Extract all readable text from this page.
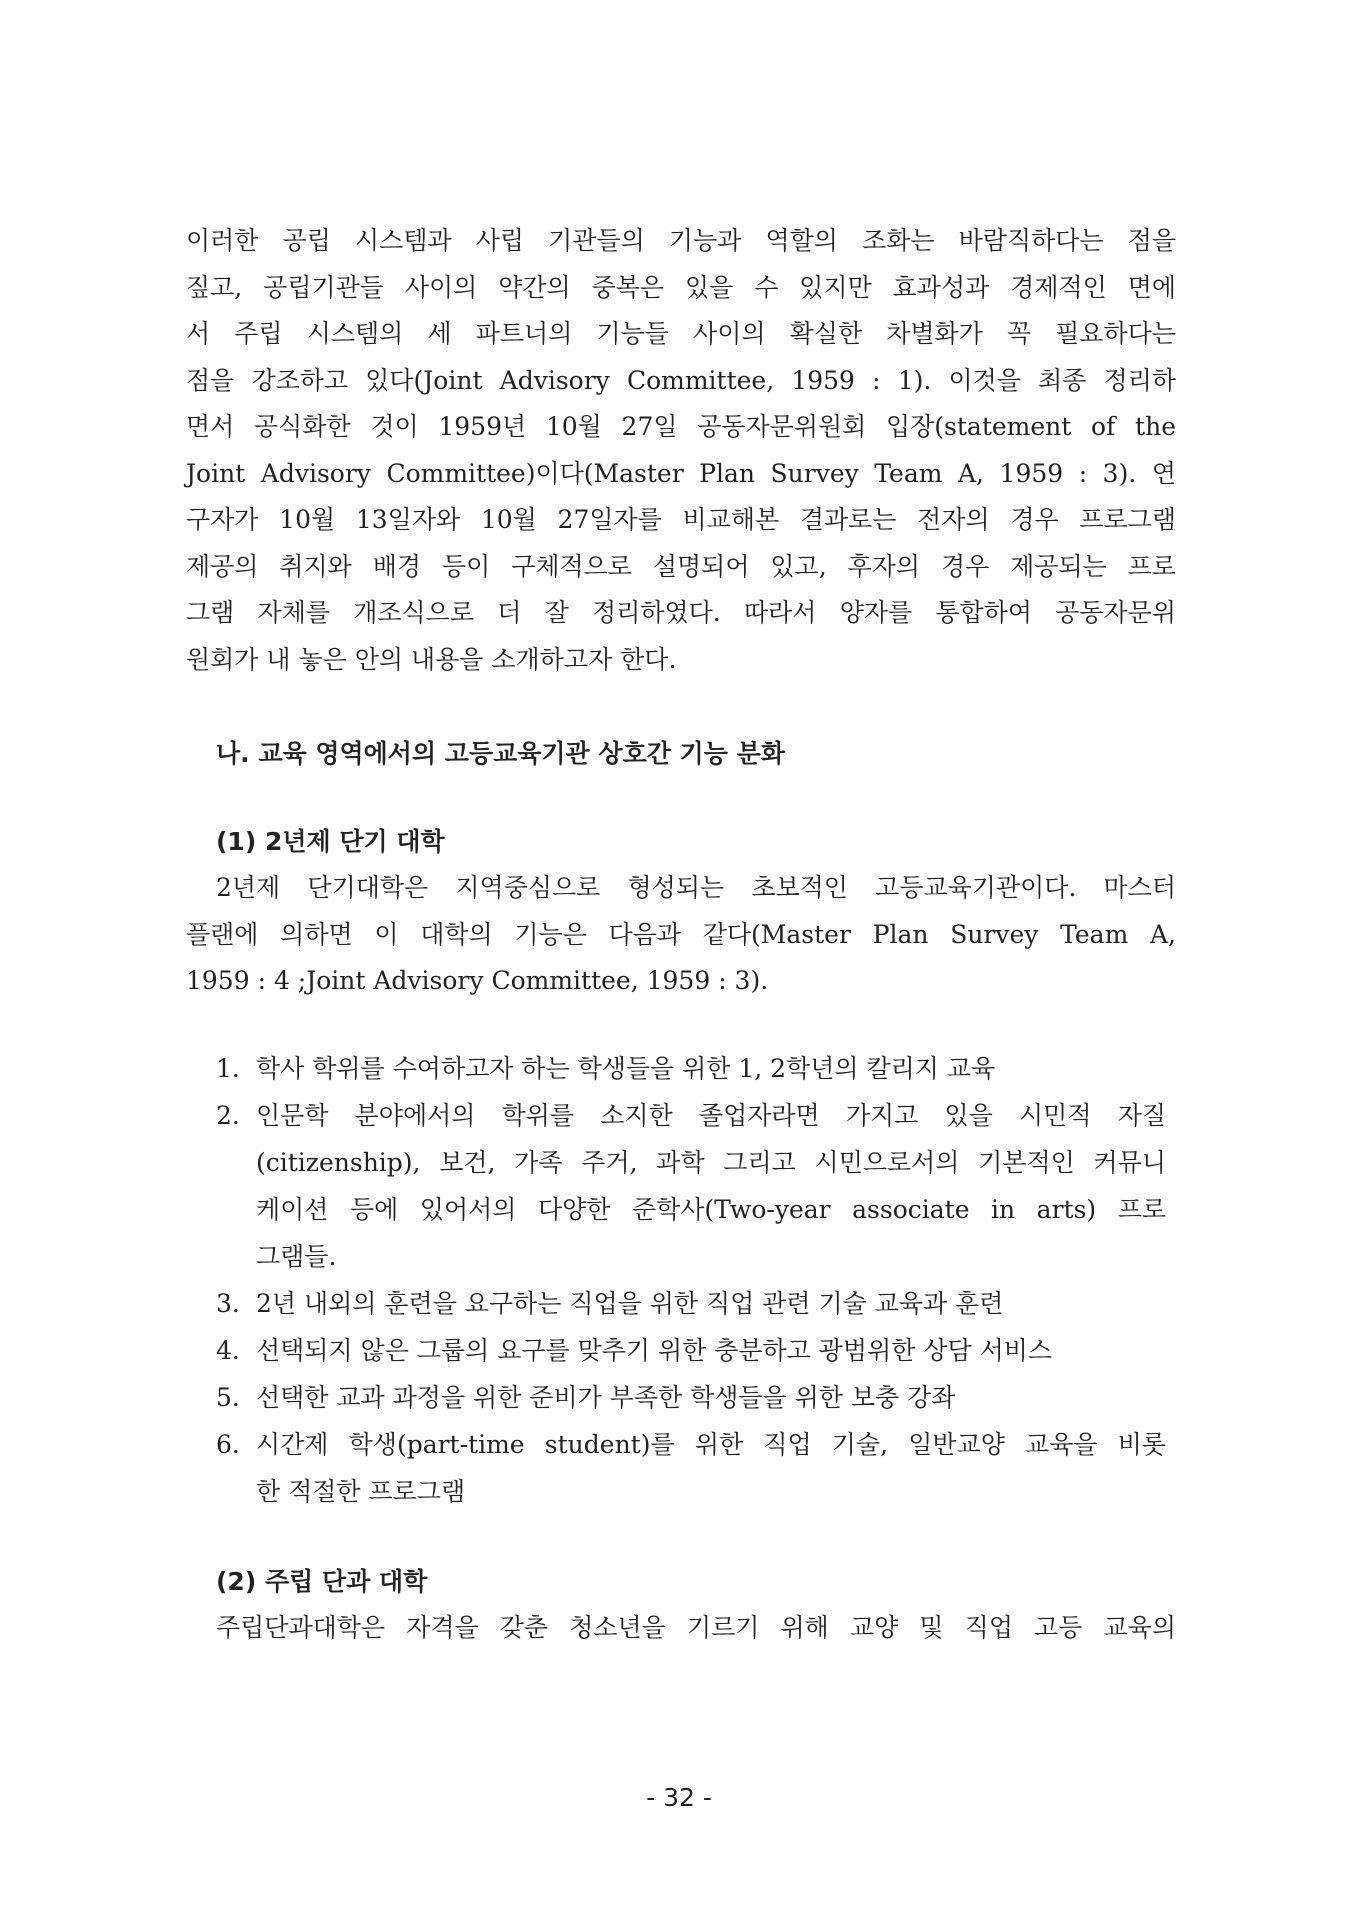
이러한 공립 시스템과 사립 기관들의 기능과 역할의 조화는 바람직하다는 점을
짚고, 공립기관들 사이의 약간의 중복은 있을 수 있지만 효과성과 경제적인 면에
서 주립 시스템의 세 파트너의 기능들 사이의 확실한 차별화가 꼭 필요하다는
점을 강조하고 있다(Joint Advisory Committee, 1959 : 1). 이것을 최종 정리하
면서 공식화한 것이 1959년 10월 27일 공동자문위원회 입장(statement of the
Joint Advisory Committee)이다(Master Plan Survey Team A, 1959 : 3). 연
구자가 10월 13일자와 10월 27일자를 비교해본 결과로는 전자의 경우 프로그램
제공의 취지와 배경 등이 구체적으로 설명되어 있고, 후자의 경우 제공되는 프로
그램 자체를 개조식으로 더 잘 정리하였다. 따라서 양자를 통합하여 공동자문위
원회가 내 놓은 안의 내용을 소개하고자 한다.
나. 교육 영역에서의 고등교육기관 상호간 기능 분화
(1) 2년제 단기 대학
2년제 단기대학은 지역중심으로 형성되는 초보적인 고등교육기관이다. 마스터
플랜에 의하면 이 대학의 기능은 다음과 같다(Master Plan Survey Team A,
1959 : 4 ;Joint Advisory Committee, 1959 : 3).
1. 학사 학위를 수여하고자 하는 학생들을 위한 1, 2학년의 칼리지 교육
2. 인문학 분야에서의 학위를 소지한 졸업자라면 가지고 있을 시민적 자질
(citizenship), 보건, 가족 주거, 과학 그리고 시민으로서의 기본적인 커뮤니
케이션 등에 있어서의 다양한 준학사(Two-year associate in arts) 프로
그램들.
3. 2년 내외의 훈련을 요구하는 직업을 위한 직업 관련 기술 교육과 훈련
4. 선택되지 않은 그룹의 요구를 맞추기 위한 충분하고 광범위한 상담 서비스
5. 선택한 교과 과정을 위한 준비가 부족한 학생들을 위한 보충 강좌
6. 시간제 학생(part-time student)를 위한 직업 기술, 일반교양 교육을 비롯
한 적절한 프로그램
(2) 주립 단과 대학
주립단과대학은 자격을 갖춘 청소년을 기르기 위해 교양 및 직업 고등 교육의
- 32 -
